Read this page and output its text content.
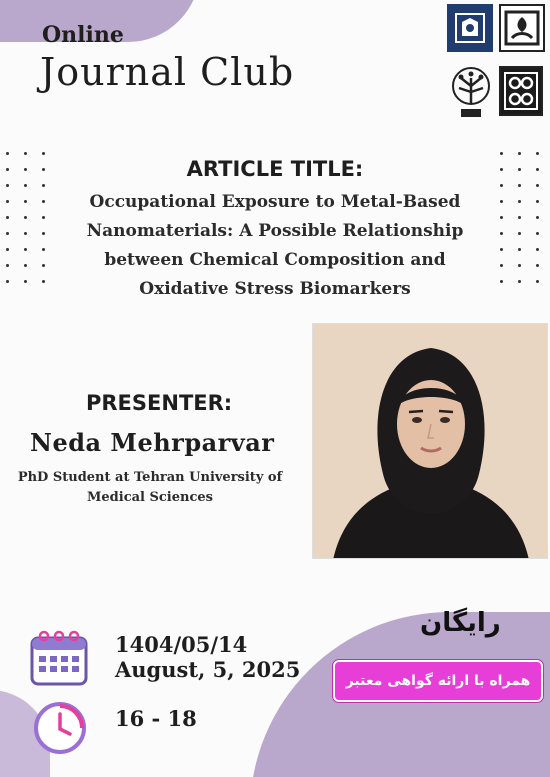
Online

Journal Club

ARTICLE TITLE:

Occupational Exposure to Metal-Based

Nanomaterials: A Possible Relationship

between Chemical Composition and

Oxidative Stress Biomarkers

PRESENTER:

Neda Mehrparvar

PhD Student at Tehran University of

Medical Sciences

1404/05/14

August, 5, 2025

16 - 18

رایگان

همراه با ارائه گواهی معتبر
